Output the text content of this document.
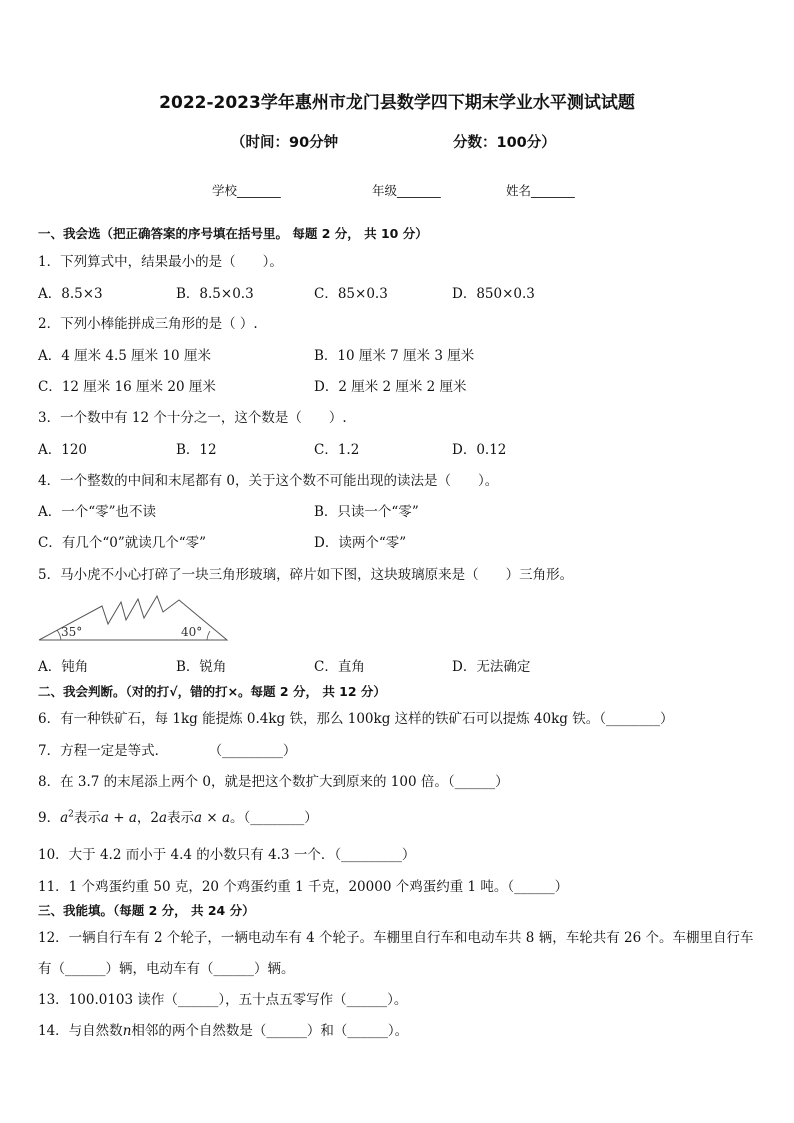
2022-2023学年惠州市龙门县数学四下期末学业水平测试试题
（时间：90分钟	分数：100分）
学校_______	年级_______	姓名_______
一、我会选（把正确答案的序号填在括号里。 每题 2 分， 共 10 分）
1．下列算式中，结果最小的是（　　）。
A．8.5×3	B．8.5×0.3	C．85×0.3	D．850×0.3
2．下列小棒能拼成三角形的是（ ）.
A．4 厘米 4.5 厘米 10 厘米	B．10 厘米 7 厘米 3 厘米
C．12 厘米 16 厘米 20 厘米	D．2 厘米 2 厘米 2 厘米
3．一个数中有 12 个十分之一，这个数是（　　）.
A．120	B．12	C．1.2	D．0.12
4．一个整数的中间和末尾都有 0，关于这个数不可能出现的读法是（　　）。
A．一个“零”也不读	B．只读一个“零”
C．有几个“0”就读几个“零”	D．读两个“零”
5．马小虎不小心打碎了一块三角形玻璃，碎片如下图，这块玻璃原来是（　　）三角形。
35°	40°
A．钝角	B．锐角	C．直角	D．无法确定
二、我会判断。（对的打√，错的打×。每题 2 分， 共 12 分）
6．有一种铁矿石，每 1kg 能提炼 0.4kg 铁，那么 100kg 这样的铁矿石可以提炼 40kg 铁。（________）
7．方程一定是等式．　　　　（_________）
8．在 3.7 的末尾添上两个 0，就是把这个数扩大到原来的 100 倍。（______）
9．$a^2$表示a + a，2a表示a × a。（________）
10．大于 4.2 而小于 4.4 的小数只有 4.3 一个．（_________）
11．1 个鸡蛋约重 50 克，20 个鸡蛋约重 1 千克，20000 个鸡蛋约重 1 吨。（______）
三、我能填。（每题 2 分， 共 24 分）
12．一辆自行车有 2 个轮子，一辆电动车有 4 个轮子。车棚里自行车和电动车共 8 辆，车轮共有 26 个。车棚里自行车
有（______）辆，电动车有（______）辆。
13．100.0103 读作（______），五十点五零写作（______）。
14．与自然数n相邻的两个自然数是（______）和（______）。
